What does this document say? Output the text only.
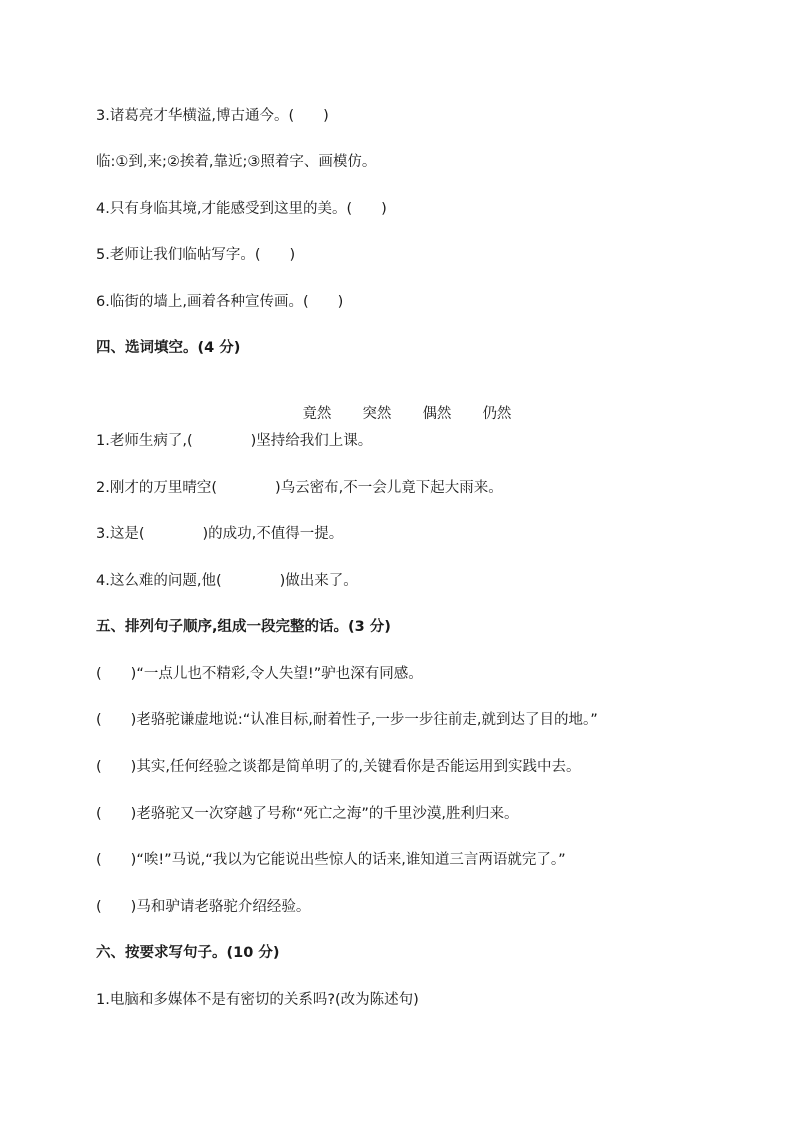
3.诸葛亮才华横溢,博古通今。(　　)
临:①到,来;②挨着,靠近;③照着字、画模仿。
4.只有身临其境,才能感受到这里的美。(　　)
5.老师让我们临帖写字。(　　)
6.临街的墙上,画着各种宣传画。(　　)
四、选词填空。(4 分)

竟然 突然 偶然 仍然

1.老师生病了,(　　　　)坚持给我们上课。
2.刚才的万里晴空(　　　　)乌云密布,不一会儿竟下起大雨来。
3.这是(　　　　)的成功,不值得一提。
4.这么难的问题,他(　　　　)做出来了。
五、排列句子顺序,组成一段完整的话。(3 分)
(　　)“一点儿也不精彩,令人失望!”驴也深有同感。
(　　)老骆驼谦虚地说:“认准目标,耐着性子,一步一步往前走,就到达了目的地。”
(　　)其实,任何经验之谈都是简单明了的,关键看你是否能运用到实践中去。
(　　)老骆驼又一次穿越了号称“死亡之海”的千里沙漠,胜利归来。
(　　)“唉!”马说,“我以为它能说出些惊人的话来,谁知道三言两语就完了。”
(　　)马和驴请老骆驼介绍经验。
六、按要求写句子。(10 分)
1.电脑和多媒体不是有密切的关系吗?(改为陈述句)
